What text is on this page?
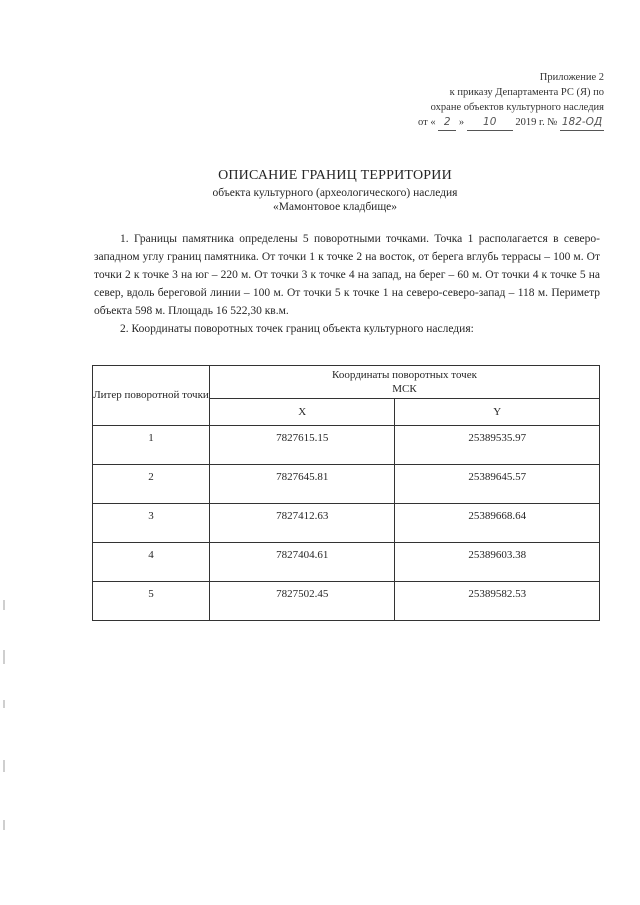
Приложение 2
к приказу Департамента РС (Я) по
охране объектов культурного наследия
от « 2 » 10 2019 г. № 182-ОД
ОПИСАНИЕ ГРАНИЦ ТЕРРИТОРИИ
объекта культурного (археологического) наследия
«Мамонтовое кладбище»

1. Границы памятника определены 5 поворотными точками. Точка 1 располагается в северо-западном углу границ памятника. От точки 1 к точке 2 на восток, от берега вглубь террасы – 100 м. От точки 2 к точке 3 на юг – 220 м. От точки 3 к точке 4 на запад, на берег – 60 м. От точки 4 к точке 5 на север, вдоль береговой линии – 100 м. От точки 5 к точке 1 на северо-северо-запад – 118 м. Периметр объекта 598 м. Площадь 16 522,30 кв.м.

2. Координаты поворотных точек границ объекта культурного наследия:

Литер поворотной точки	Координаты поворотных точек
МСК	

	X	Y
1	7827615.15	25389535.97
2	7827645.81	25389645.57
3	7827412.63	25389668.64
4	7827404.61	25389603.38
5	7827502.45	25389582.53
